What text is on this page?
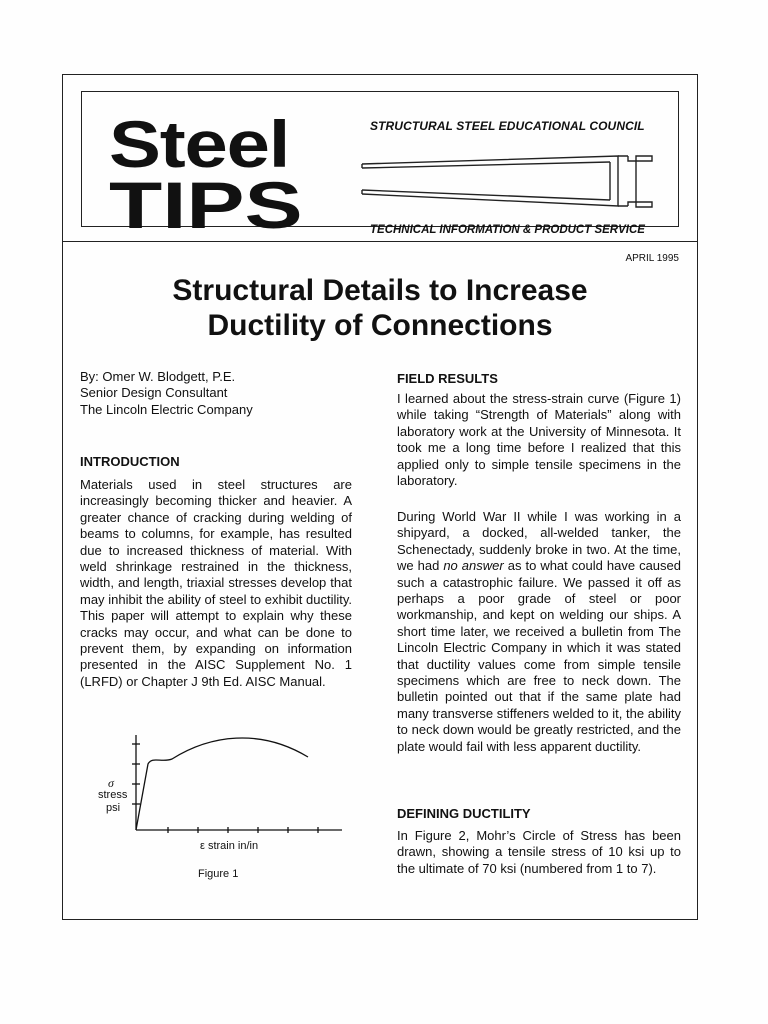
Steel
TIPS
STRUCTURAL STEEL EDUCATIONAL COUNCIL
TECHNICAL INFORMATION & PRODUCT SERVICE
APRIL 1995
Structural Details to Increase
Ductility of Connections

By: Omer W. Blodgett, P.E.

Senior Design Consultant

The Lincoln Electric Company

INTRODUCTION

Materials used in steel structures are increasingly becoming thicker and heavier. A greater chance of cracking during welding of beams to columns, for example, has resulted due to increased thickness of material. With weld shrinkage restrained in the thickness, width, and length, triaxial stresses develop that may inhibit the ability of steel to exhibit ductility. This paper will attempt to explain why these cracks may occur, and what can be done to prevent them, by expanding on information presented in the AISC Supplement No. 1 (LRFD) or Chapter J 9th Ed. AISC Manual.

σ
stress
psi
ε strain in/in
Figure 1
FIELD RESULTS

I learned about the stress-strain curve (Figure 1) while taking “Strength of Materials” along with laboratory work at the University of Minnesota. It took me a long time before I realized that this applied only to simple tensile specimens in the laboratory.

During World War II while I was working in a shipyard, a docked, all-welded tanker, the Schenectady, suddenly broke in two. At the time, we had no answer as to what could have caused such a catastrophic failure. We passed it off as perhaps a poor grade of steel or poor workmanship, and kept on welding our ships. A short time later, we received a bulletin from The Lincoln Electric Company in which it was stated that ductility values come from simple tensile specimens which are free to neck down. The bulletin pointed out that if the same plate had many transverse stiffeners welded to it, the ability to neck down would be greatly restricted, and the plate would fail with less apparent ductility.

DEFINING DUCTILITY

In Figure 2, Mohr’s Circle of Stress has been drawn, showing a tensile stress of 10 ksi up to the ultimate of 70 ksi (numbered from 1 to 7).
